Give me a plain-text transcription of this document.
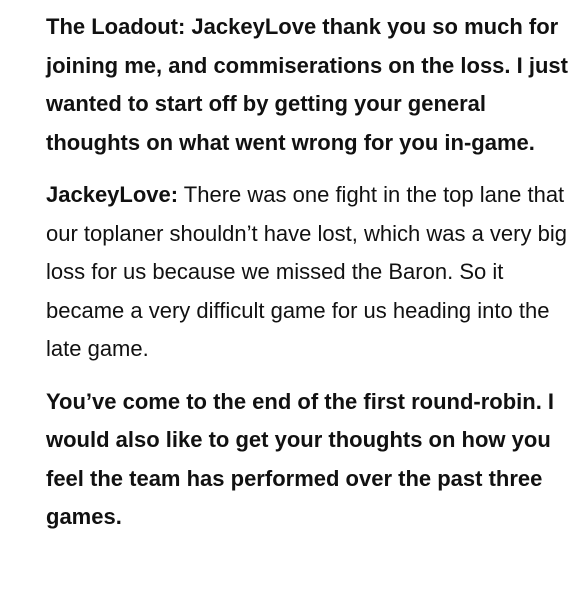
The Loadout: JackeyLove thank you so much for joining me, and commiserations on the loss. I just wanted to start off by getting your general thoughts on what went wrong for you in-game.

JackeyLove: There was one fight in the top lane that our toplaner shouldn’t have lost, which was a very big loss for us because we missed the Baron. So it became a very difficult game for us heading into the late game.

You’ve come to the end of the first round-robin. I would also like to get your thoughts on how you feel the team has performed over the past three games.
